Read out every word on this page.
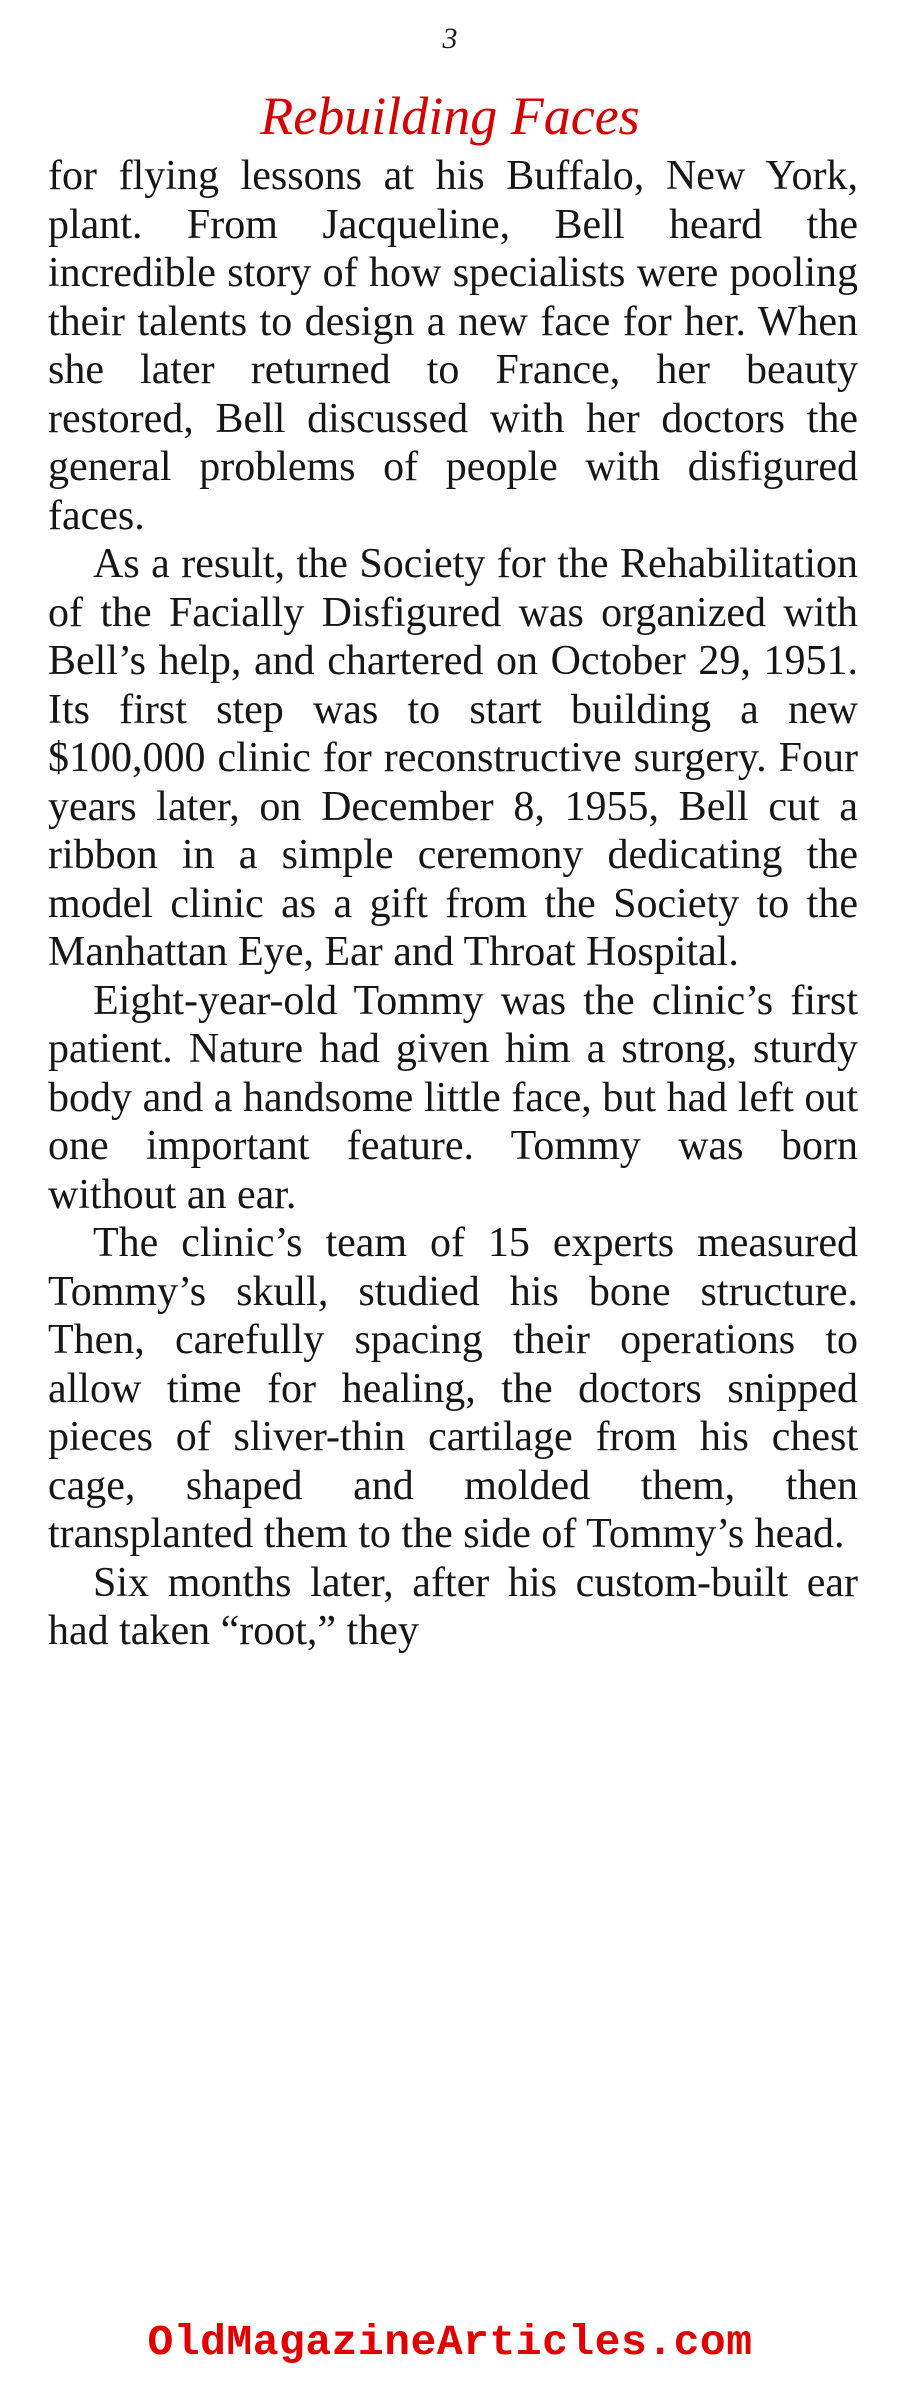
3
Rebuilding Faces

for flying lessons at his Buffalo, New York, plant. From Jacqueline, Bell heard the incredible story of how specialists were pooling their talents to design a new face for her. When she later returned to France, her beauty restored, Bell discussed with her doctors the general problems of people with disfigured faces.

As a result, the Society for the Rehabilitation of the Facially Disfigured was organized with Bell’s help, and chartered on October 29, 1951. Its first step was to start building a new $100,000 clinic for reconstructive surgery. Four years later, on December 8, 1955, Bell cut a ribbon in a simple ceremony dedicating the model clinic as a gift from the Society to the Manhattan Eye, Ear and Throat Hospital.

Eight-year-old Tommy was the clinic’s first patient. Nature had given him a strong, sturdy body and a handsome little face, but had left out one important feature. Tommy was born without an ear.

The clinic’s team of 15 experts measured Tommy’s skull, studied his bone structure. Then, carefully spacing their operations to allow time for healing, the doctors snipped pieces of sliver-thin cartilage from his chest cage, shaped and molded them, then transplanted them to the side of Tommy’s head.

Six months later, after his custom-built ear had taken “root,” they

OldMagazineArticles.com
